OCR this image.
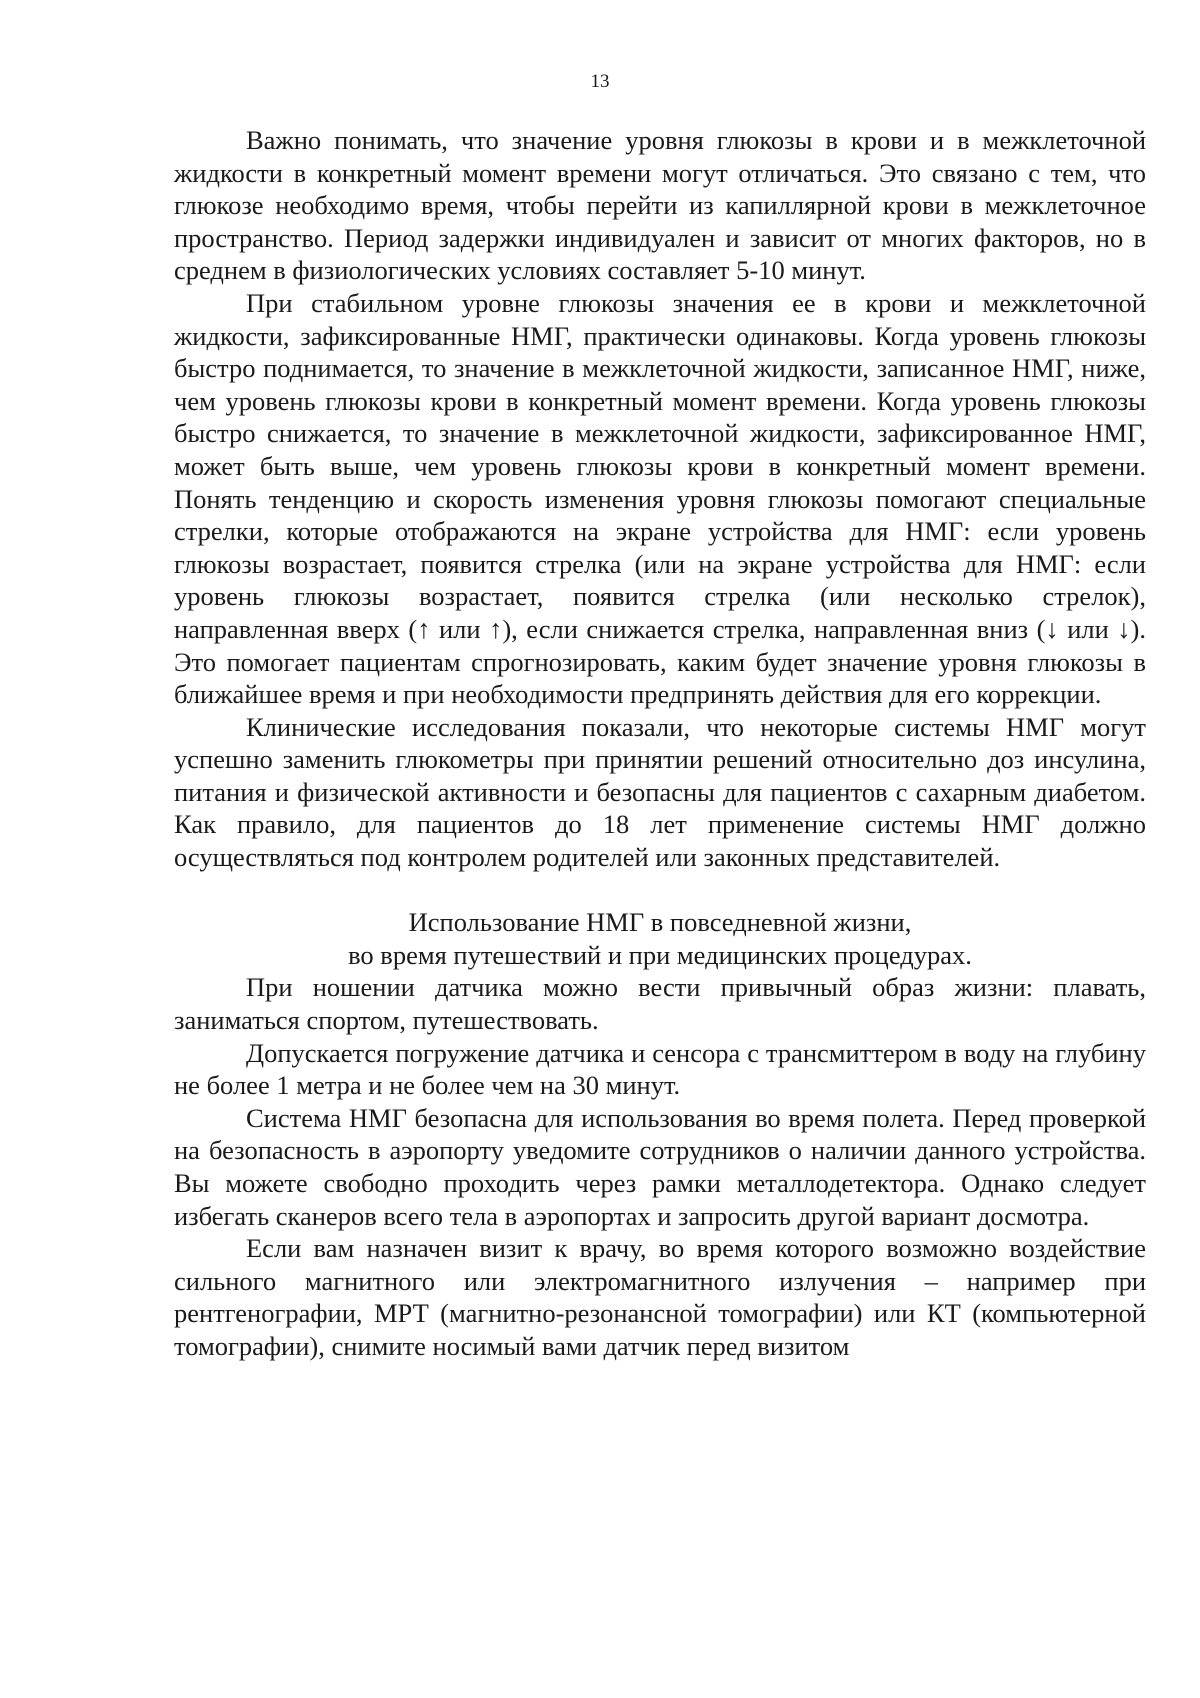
13

Важно понимать, что значение уровня глюкозы в крови и в межклеточной жидкости в конкретный момент времени могут отличаться. Это связано с тем, что глюкозе необходимо время, чтобы перейти из капиллярной крови в межклеточное пространство. Период задержки индивидуален и зависит от многих факторов, но в среднем в физиологических условиях составляет 5-10 минут.

При стабильном уровне глюкозы значения ее в крови и межклеточной жидкости, зафиксированные НМГ, практически одинаковы. Когда уровень глюкозы быстро поднимается, то значение в межклеточной жидкости, записанное НМГ, ниже, чем уровень глюкозы крови в конкретный момент времени. Когда уровень глюкозы быстро снижается, то значение в межклеточной жидкости, зафиксированное НМГ, может быть выше, чем уровень глюкозы крови в конкретный момент времени. Понять тенденцию и скорость изменения уровня глюкозы помогают специальные стрелки, которые отображаются на экране устройства для НМГ: если уровень глюкозы возрастает, появится стрелка (или на экране устройства для НМГ: если уровень глюкозы возрастает, появится стрелка (или несколько стрелок), направленная вверх (↑ или ↑), если снижается стрелка, направленная вниз (↓ или ↓). Это помогает пациентам спрогнозировать, каким будет значение уровня глюкозы в ближайшее время и при необходимости предпринять действия для его коррекции.

Клинические исследования показали, что некоторые системы НМГ могут успешно заменить глюкометры при принятии решений относительно доз инсулина, питания и физической активности и безопасны для пациентов с сахарным диабетом. Как правило, для пациентов до 18 лет применение системы НМГ должно осуществляться под контролем родителей или законных представителей.

Использование НМГ в повседневной жизни,
во время путешествий и при медицинских процедурах.

При ношении датчика можно вести привычный образ жизни: плавать, заниматься спортом, путешествовать.

Допускается погружение датчика и сенсора с трансмиттером в воду на глубину не более 1 метра и не более чем на 30 минут.

Система НМГ безопасна для использования во время полета. Перед проверкой на безопасность в аэропорту уведомите сотрудников о наличии данного устройства. Вы можете свободно проходить через рамки металлодетектора. Однако следует избегать сканеров всего тела в аэропортах и запросить другой вариант досмотра.

Если вам назначен визит к врачу, во время которого возможно воздействие сильного магнитного или электромагнитного излучения – например при рентгенографии, МРТ (магнитно-резонансной томографии) или КТ (компьютерной томографии), снимите носимый вами датчик перед визитом
